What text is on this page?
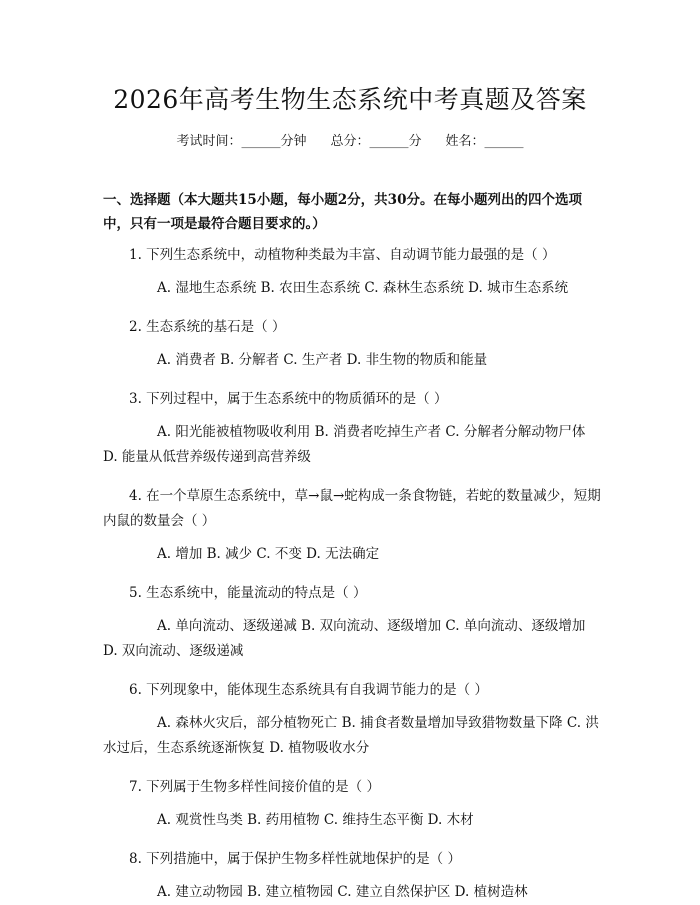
2026年高考生物生态系统中考真题及答案
考试时间：______分钟 总分：______分 姓名：______
一、选择题（本大题共15小题，每小题2分，共30分。在每小题列出的四个选项中，只有一项是最符合题目要求的。）

1. 下列生态系统中，动植物种类最为丰富、自动调节能力最强的是（ ）

A. 湿地生态系统 B. 农田生态系统 C. 森林生态系统 D. 城市生态系统

2. 生态系统的基石是（ ）

A. 消费者 B. 分解者 C. 生产者 D. 非生物的物质和能量

3. 下列过程中，属于生态系统中的物质循环的是（ ）

A. 阳光能被植物吸收利用 B. 消费者吃掉生产者 C. 分解者分解动物尸体 D. 能量从低营养级传递到高营养级

4. 在一个草原生态系统中，草→鼠→蛇构成一条食物链，若蛇的数量减少，短期内鼠的数量会（ ）

A. 增加 B. 减少 C. 不变 D. 无法确定

5. 生态系统中，能量流动的特点是（ ）

A. 单向流动、逐级递减 B. 双向流动、逐级增加 C. 单向流动、逐级增加 D. 双向流动、逐级递减

6. 下列现象中，能体现生态系统具有自我调节能力的是（ ）

A. 森林火灾后，部分植物死亡 B. 捕食者数量增加导致猎物数量下降 C. 洪水过后，生态系统逐渐恢复 D. 植物吸收水分

7. 下列属于生物多样性间接价值的是（ ）

A. 观赏性鸟类 B. 药用植物 C. 维持生态平衡 D. 木材

8. 下列措施中，属于保护生物多样性就地保护的是（ ）

A. 建立动物园 B. 建立植物园 C. 建立自然保护区 D. 植树造林
